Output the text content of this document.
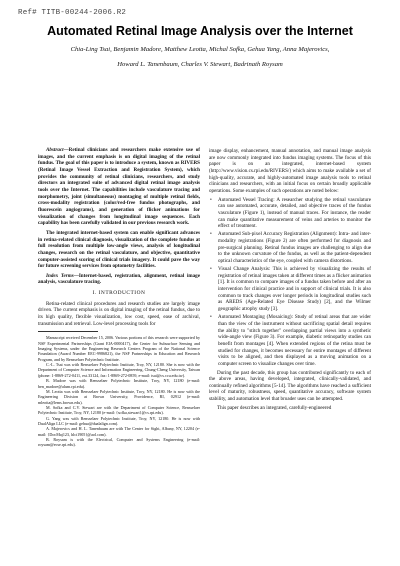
Ref# TITB-00244-2006.R2
Automated Retinal Image Analysis over the Internet
Chia-Ling Tsai, Benjamin Madore, Matthew Leotta, Michal Sofka, Gehua Yang, Anna Majerovics,
Howard L. Tanenbaum, Charles V. Stewart, Badrinath Roysam

Abstract—Retinal clinicians and researchers make extensive use of images, and the current emphasis is on digital imaging of the retinal fundus. The goal of this paper is to introduce a system, known as RIVERS (Retinal Image Vessel Extraction and Registration System), which provides the community of retinal clinicians, researchers, and study directors an integrated suite of advanced digital retinal image analysis tools over the Internet. The capabilities include vasculature tracing and morphometry, joint (simultaneous) montaging of multiple retinal fields, cross-modality registration (color/red-free fundus photographs, and fluorescein angiograms), and generation of flicker animations for visualization of changes from longitudinal image sequences. Each capability has been carefully validated in our previous research work.

The integrated internet-based system can enable significant advances in retina-related clinical diagnosis, visualization of the complete fundus at full resolution from multiple low-angle views, analysis of longitudinal changes, research on the retinal vasculature, and objective, quantitative computer-assisted scoring of clinical trials imagery. It could pave the way for future screening services from optometry facilities.

Index Terms—Internet-based, registration, alignment, retinal image analysis, vasculature tracing.

I. INTRODUCTION

Retina-related clinical procedures and research studies are largely image driven. The current emphasis is on digital imaging of the retinal fundus, due to its high quality, flexible visualization, low cost, speed, ease of archival, transmission and retrieval. Low-level processing tools for

Manuscript received December 15, 2006. Various portions of this research were supported by NSF Experimental Partnerships (Grant EIA-0000417), the Center for Subsurface Sensing and Imaging Systems, under the Engineering Research Centers Program of the National Science Foundation (Award Number EEC-9986821), the NSF Partnerships in Education and Research Program, and by Rensselaer Polytechnic Institute.

C.-L. Tsai was with Rensselaer Polytechnic Institute, Troy, NY, 12180. She is now with the Department of Computer Science and Information Engineering, Chung-Cheng University, Taiwan (phone: 1-8869-272-0411, ext.33124, fax: 1-8869-272-0859, e-mail: tsai@cs.ccu.edu.tw).

B. Madore was with Rensselaer Polytechnic Institute, Troy, NY, 12180 (e-mail: ben_madore@alum.rpi.edu).

M. Leotta was with Rensselaer Polytechnic Institute, Troy, NY, 12180. He is now with the Engineering Division at Brown University, Providence, RI, 02912 (e-mail: mleotta@lems.brown.edu).

M. Sofka and C.V. Stewart are with the Department of Computer Science, Rensselaer Polytechnic Institute, Troy, NY, 12180 (e-mail: {sofka,stewart}@cs.rpi.edu).

G. Yang was with Rensselaer Polytechnic Institute, Troy, NY, 12180. He is now with DualAlign LLC (e-mail: gehua@dualalign.com).

A. Majerovics and H. L. Tanenbaum are with The Center for Sight, Albany, NY, 12204 (e-mail: {DocMaj123, hlct1905}@aol.com).

B. Roysam is with the Electrical, Computer and Systems Engineering (e-mail: roysam@ecse.rpi.edu).

image display, enhancement, manual annotation, and manual image analysis are now commonly integrated into fundus imaging systems. The focus of this paper is on an integrated, internet-based system (http://www.vision.cs.rpi.edu/RIVERS/) which aims to make available a set of high-quality, accurate, and highly-automated image analysis tools to retinal clinicians and researchers, with an initial focus on certain broadly applicable operations. Some examples of such operations are noted below:

• Automated Vessel Tracing: A researcher studying the retinal vasculature can use automated, accurate, detailed, and objective traces of the fundus vasculature (Figure 1), instead of manual traces. For instance, the reader can make quantitative measurement of veins and arteries to monitor the effect of treatment.
• Automated Sub-pixel Accuracy Registration (Alignment): Intra- and inter-modality registrations (Figure 2) are often performed for diagnosis and pre-surgical planning. Retinal fundus images are challenging to align due to the unknown curvature of the fundus, as well as the patient-dependent optical characteristics of the eye, coupled with camera distortions.
• Visual Change Analysis: This is achieved by visualizing the results of registration of retinal images taken at different times as a flicker animation [1]. It is common to compare images of a fundus taken before and after an intervention for clinical practice and in support of clinical trials. It is also common to track changes over longer periods in longitudinal studies such as AREDS (Age-Related Eye Disease Study) [2], and the Wilmer geographic atrophy study [3].
• Automated Montaging (Mosaicing): Study of retinal areas that are wider than the view of the instrument without sacrificing spatial detail requires the ability to "stitch together" overlapping partial views into a synthetic wide-angle view (Figure 3). For example, diabetic retinopathy studies can benefit from montages [4]. When extended regions of the retina must be studied for changes, it becomes necessary for entire montages of different visits to be aligned, and then displayed as a moving animation on a computer screen to visualize changes over time.

During the past decade, this group has contributed significantly to each of the above areas, having developed, integrated, clinically-validated, and continually refined algorithms [5-14]. The algorithms have reached a sufficient level of maturity, robustness, speed, quantitative accuracy, software system stability, and automation level that broader uses can be attempted.

This paper describes an integrated, carefully-engineered
